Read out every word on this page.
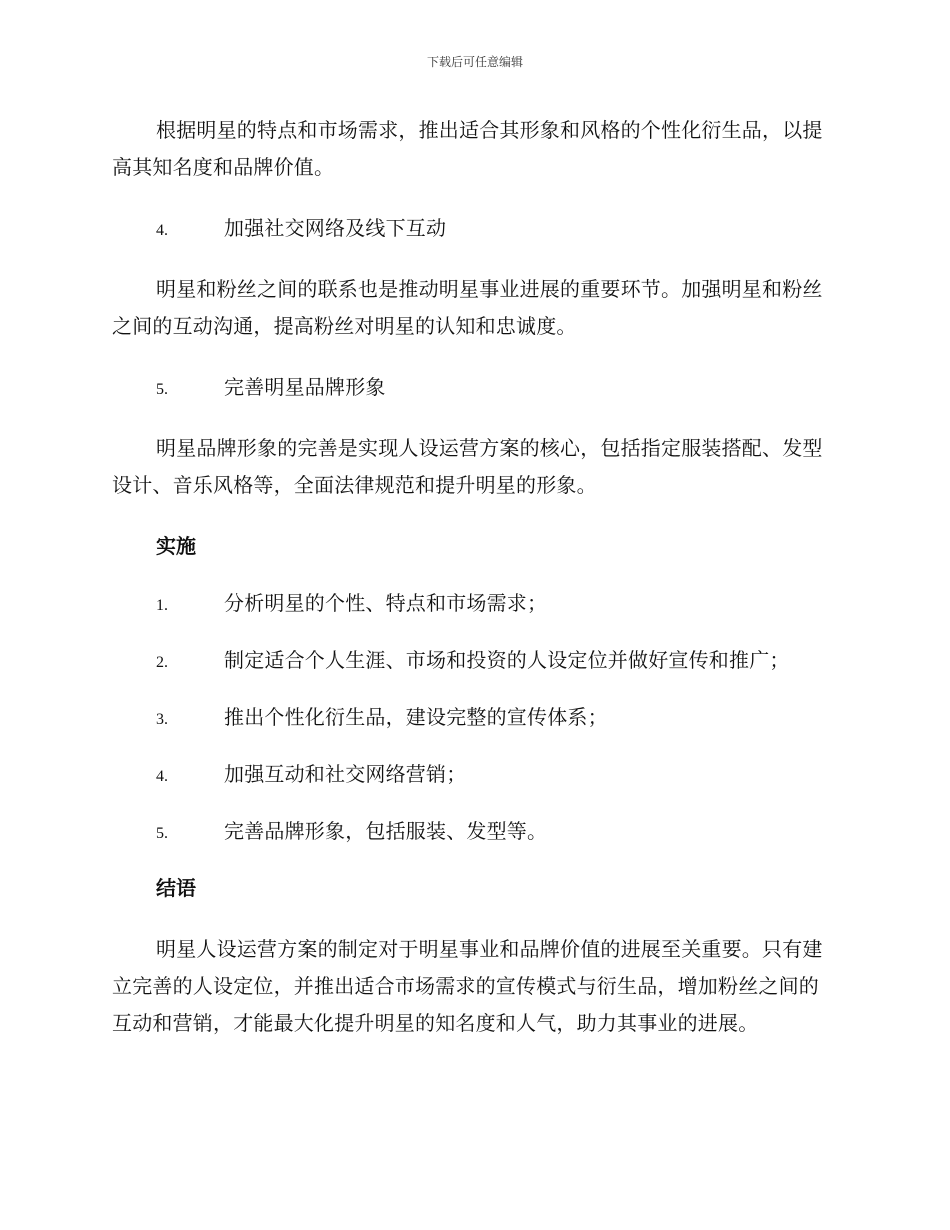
下载后可任意编辑

根据明星的特点和市场需求，推出适合其形象和风格的个性化衍生品，以提高其知名度和品牌价值。

4.	加强社交网络及线下互动

明星和粉丝之间的联系也是推动明星事业进展的重要环节。加强明星和粉丝之间的互动沟通，提高粉丝对明星的认知和忠诚度。

5.	完善明星品牌形象

明星品牌形象的完善是实现人设运营方案的核心，包括指定服装搭配、发型设计、音乐风格等，全面法律规范和提升明星的形象。

实施
1.	分析明星的个性、特点和市场需求；
2.	制定适合个人生涯、市场和投资的人设定位并做好宣传和推广；
3.	推出个性化衍生品，建设完整的宣传体系；
4.	加强互动和社交网络营销；
5.	完善品牌形象，包括服装、发型等。
结语

明星人设运营方案的制定对于明星事业和品牌价值的进展至关重要。只有建立完善的人设定位，并推出适合市场需求的宣传模式与衍生品，增加粉丝之间的互动和营销，才能最大化提升明星的知名度和人气，助力其事业的进展。
